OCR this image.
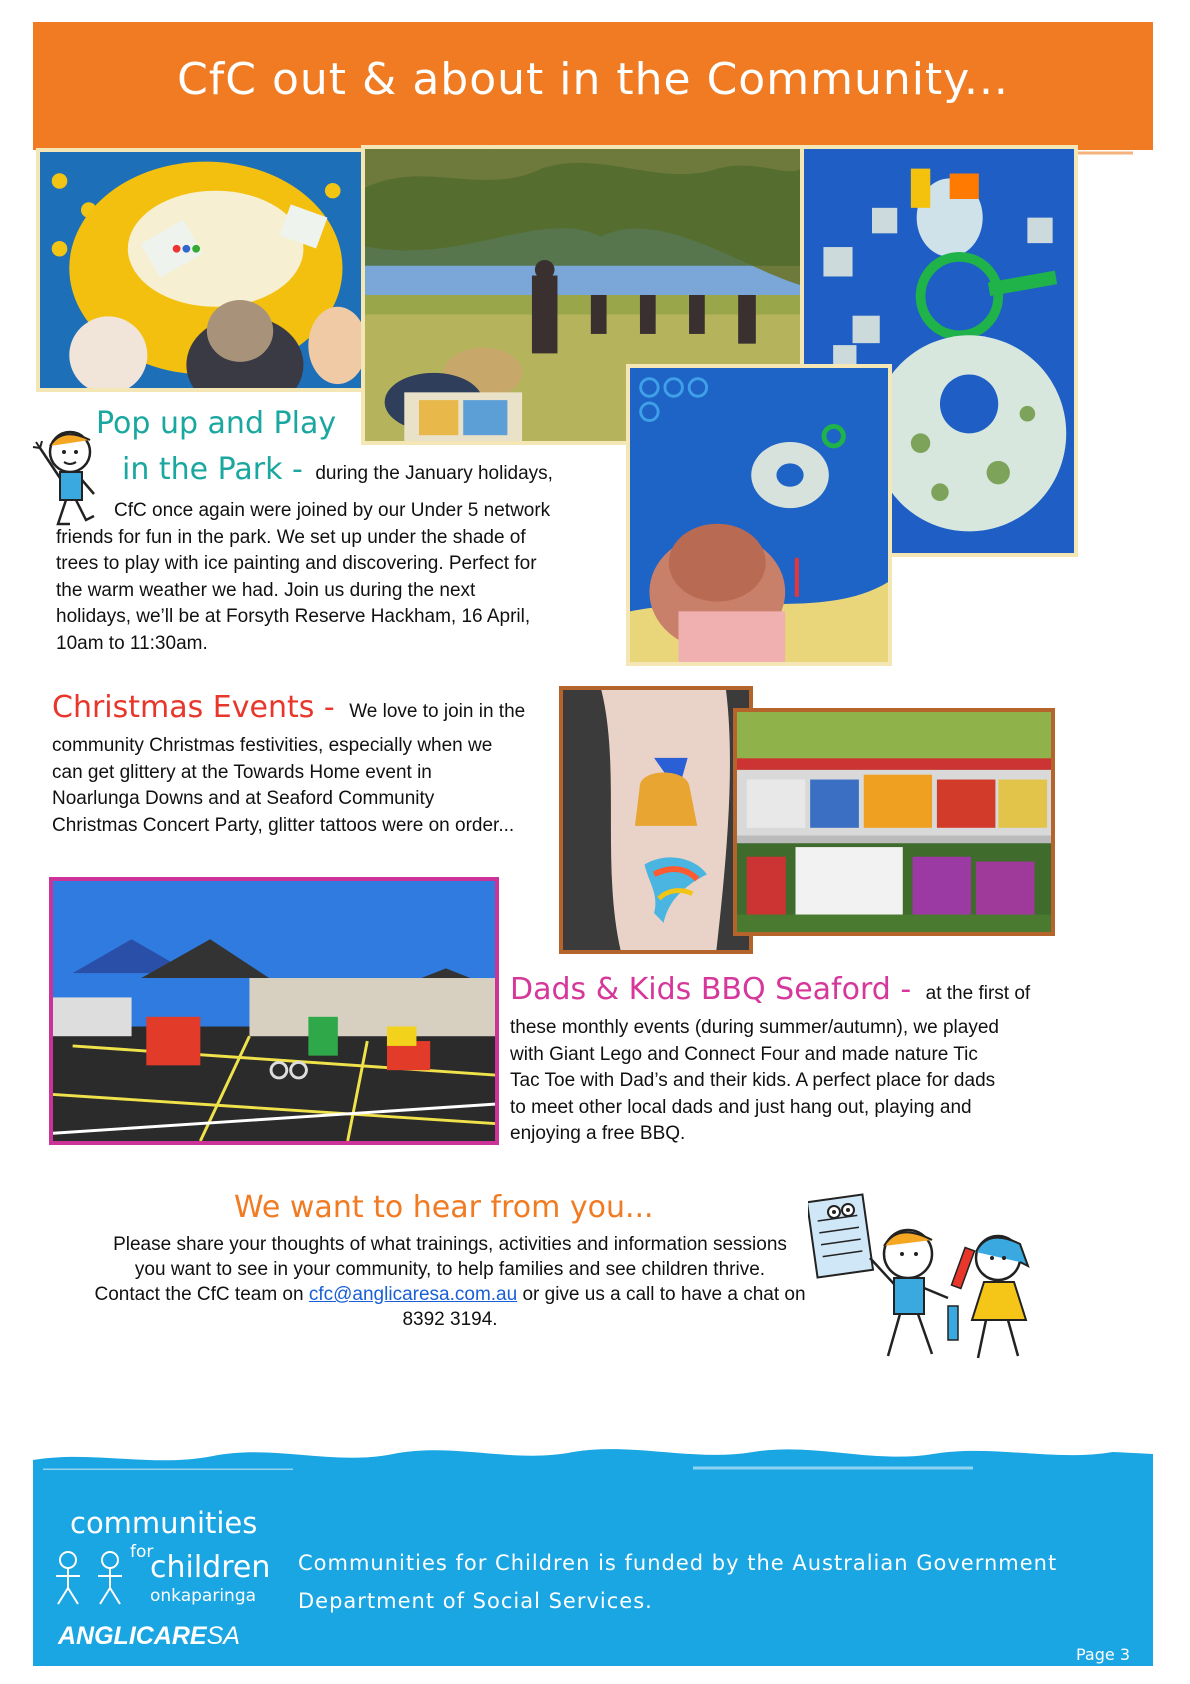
CfC out & about in the Community...
Pop up and Play
in the Park - during the January holidays,
CfC once again were joined by our Under 5 network
friends for fun in the park. We set up under the shade of
trees to play with ice painting and discovering. Perfect for
the warm weather we had. Join us during the next
holidays, we’ll be at Forsyth Reserve Hackham, 16 April,
10am to 11:30am.
Christmas Events - We love to join in the
community Christmas festivities, especially when we
can get glittery at the Towards Home event in
Noarlunga Downs and at Seaford Community
Christmas Concert Party, glitter tattoos were on order...
Dads & Kids BBQ Seaford - at the first of
these monthly events (during summer/autumn), we played
with Giant Lego and Connect Four and made nature Tic
Tac Toe with Dad’s and their kids. A perfect place for dads
to meet other local dads and just hang out, playing and
enjoying a free BBQ.
We want to hear from you...
Please share your thoughts of what trainings, activities and information sessions
you want to see in your community, to help families and see children thrive.
Contact the CfC team on cfc@anglicaresa.com.au or give us a call to have a chat on
8392 3194.
communities
for
children
onkaparinga
ANGLICARESA
Communities for Children is funded by the Australian Government
Department of Social Services.
Page 3
